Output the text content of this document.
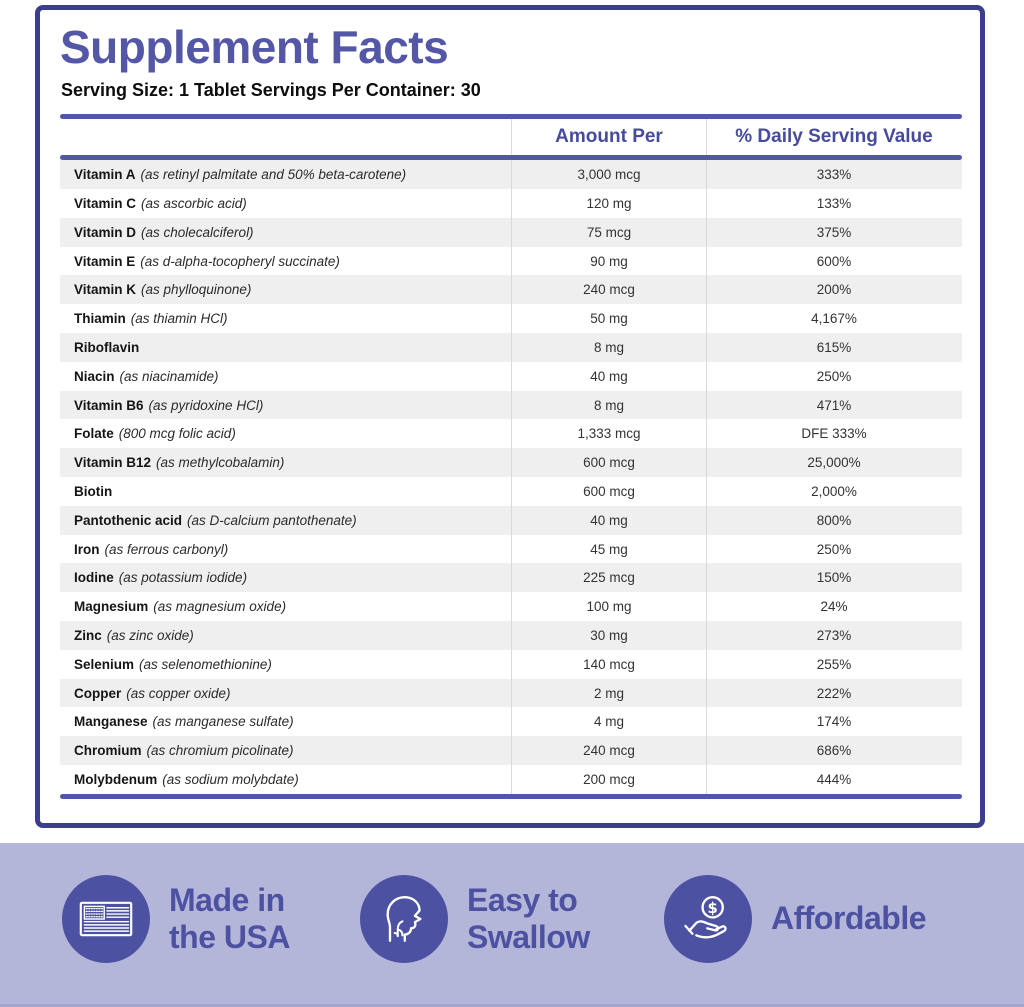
Supplement Facts
Serving Size: 1 Tablet Servings Per Container: 30
Amount Per	% Daily Serving Value
Vitamin A (as retinyl palmitate and 50% beta-carotene)	3,000 mcg	333%
Vitamin C (as ascorbic acid)	120 mg	133%
Vitamin D (as cholecalciferol)	75 mcg	375%
Vitamin E (as d-alpha-tocopheryl succinate)	90 mg	600%
Vitamin K (as phylloquinone)	240 mcg	200%
Thiamin (as thiamin HCl)	50 mg	4,167%
Riboflavin	8 mg	615%
Niacin (as niacinamide)	40 mg	250%
Vitamin B6 (as pyridoxine HCl)	8 mg	471%
Folate (800 mcg folic acid)	1,333 mcg	DFE 333%
Vitamin B12 (as methylcobalamin)	600 mcg	25,000%
Biotin	600 mcg	2,000%
Pantothenic acid (as D-calcium pantothenate)	40 mg	800%
Iron (as ferrous carbonyl)	45 mg	250%
Iodine (as potassium iodide)	225 mcg	150%
Magnesium (as magnesium oxide)	100 mg	24%
Zinc (as zinc oxide)	30 mg	273%
Selenium (as selenomethionine)	140 mcg	255%
Copper (as copper oxide)	2 mg	222%
Manganese (as manganese sulfate)	4 mg	174%
Chromium (as chromium picolinate)	240 mcg	686%
Molybdenum (as sodium molybdate)	200 mcg	444%
Made in
the USA
Easy to
Swallow
$ Affordable
